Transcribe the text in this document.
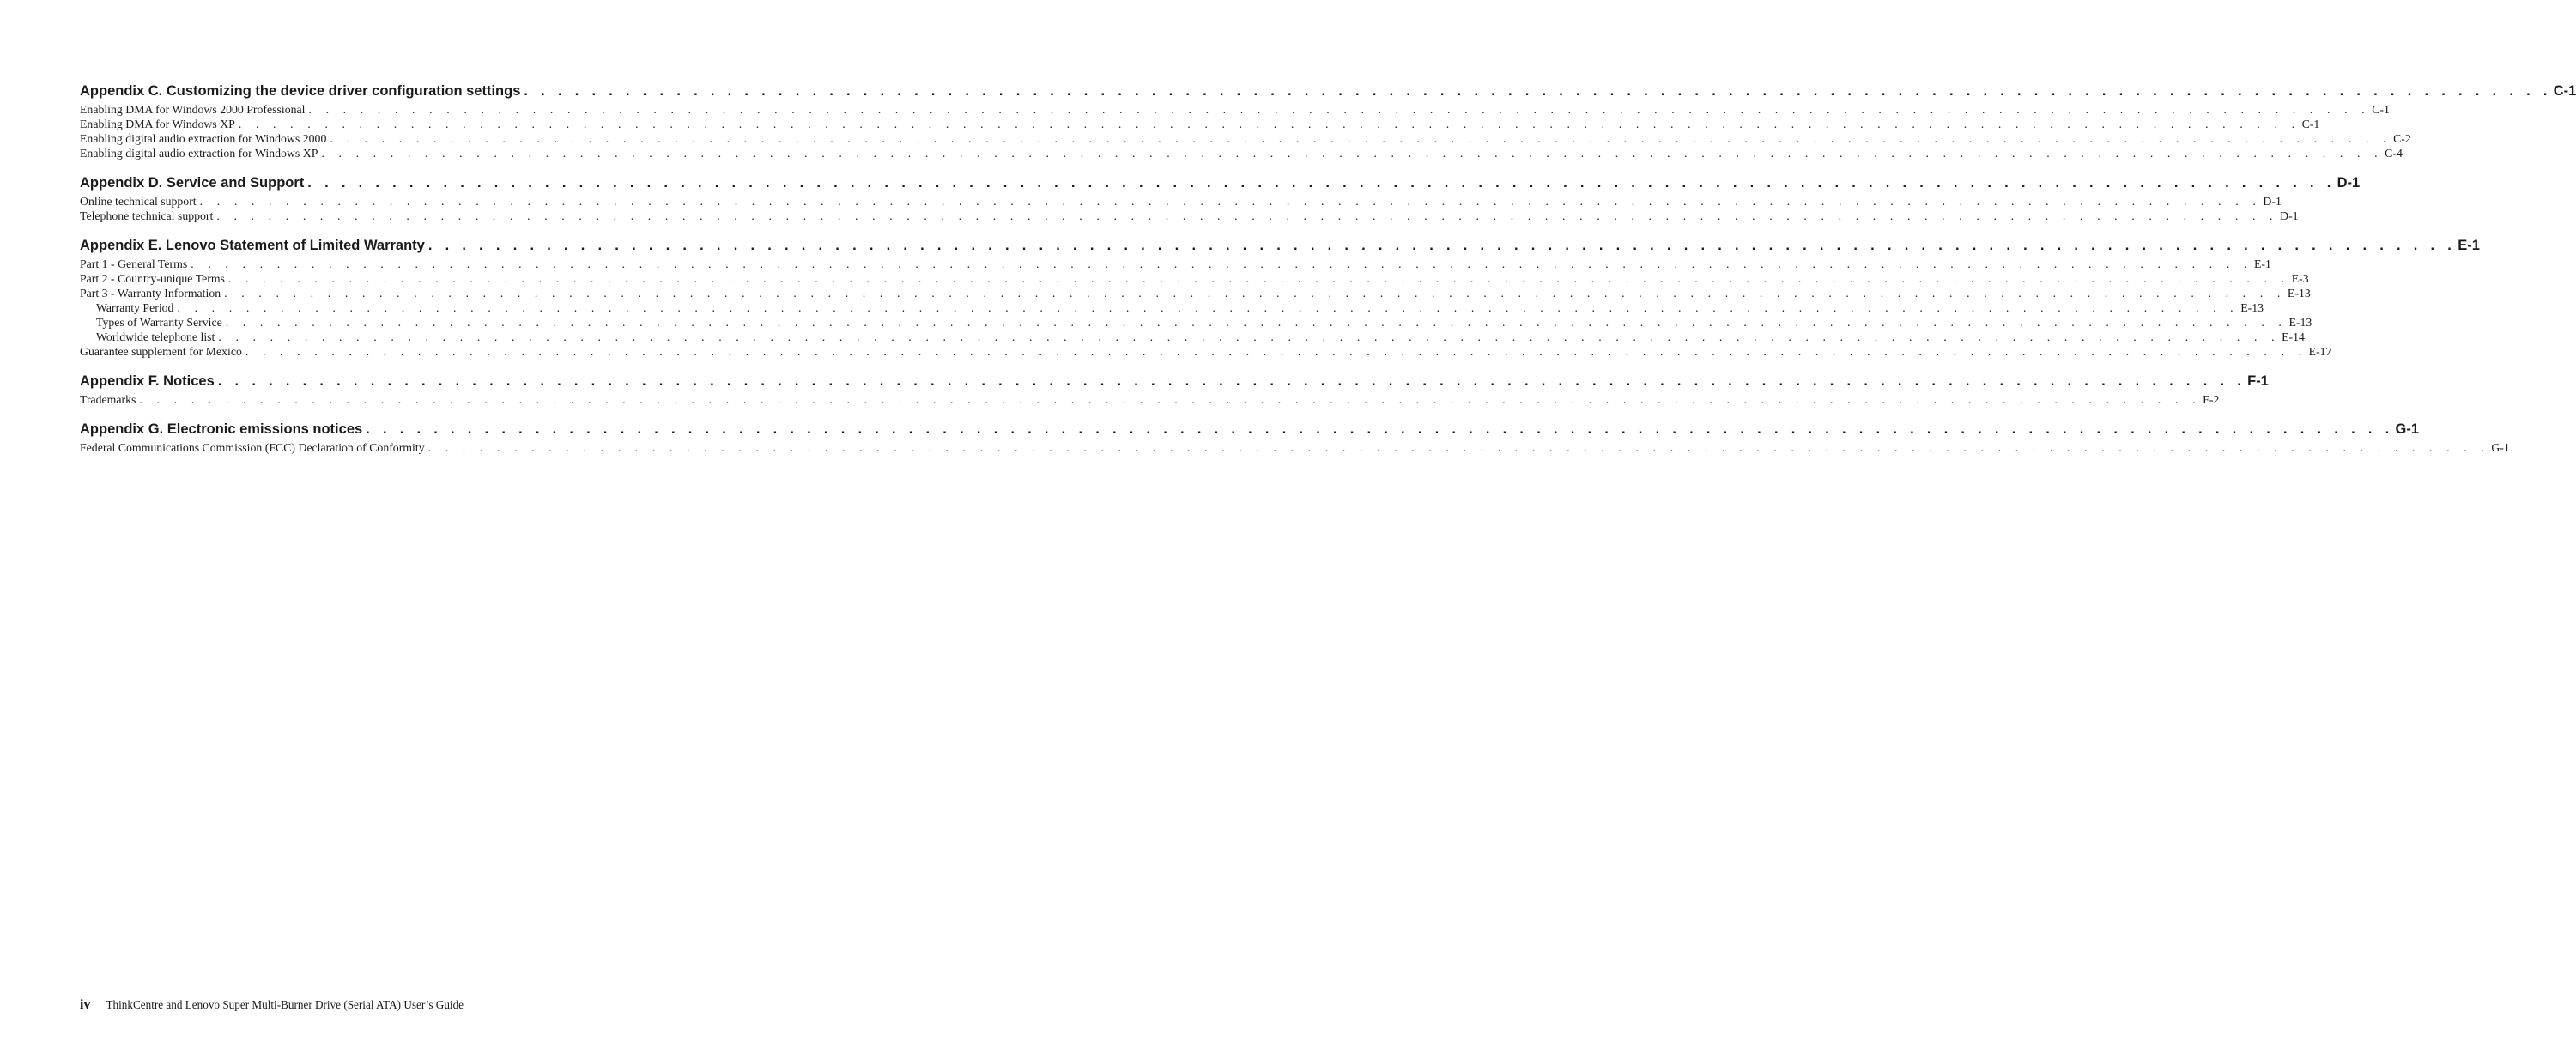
Appendix C. Customizing the device driver configuration settings . . . . . . . . . . . . . . . . . . . . . . . . . . . . . . . . . . . . . . . . . . . . . . . . . . . . . . . . . . . . . . . . . . . . . . . . . . . . . . . . . . . . . . . . . . . . . . . . . . . . . . . . . . . . . . . . . . . . . . . . C-1
Enabling DMA for Windows 2000 Professional . . . . . . . . . . . . . . . . . . . . . . . . . . . . . . . . . . . . . . . . . . . . . . . . . . . . . . . . . . . . . . . . . . . . . . . . . . . . . . . . . . . . . . . . . . . . . . . . . . . . . . . . . . . . . . . . . . . . . . . . C-1
Enabling DMA for Windows XP . . . . . . . . . . . . . . . . . . . . . . . . . . . . . . . . . . . . . . . . . . . . . . . . . . . . . . . . . . . . . . . . . . . . . . . . . . . . . . . . . . . . . . . . . . . . . . . . . . . . . . . . . . . . . . . . . . . . . . . . C-1
Enabling digital audio extraction for Windows 2000 . . . . . . . . . . . . . . . . . . . . . . . . . . . . . . . . . . . . . . . . . . . . . . . . . . . . . . . . . . . . . . . . . . . . . . . . . . . . . . . . . . . . . . . . . . . . . . . . . . . . . . . . . . . . . . . . . . . . . . . . C-2
Enabling digital audio extraction for Windows XP . . . . . . . . . . . . . . . . . . . . . . . . . . . . . . . . . . . . . . . . . . . . . . . . . . . . . . . . . . . . . . . . . . . . . . . . . . . . . . . . . . . . . . . . . . . . . . . . . . . . . . . . . . . . . . . . . . . . . . . . C-4
Appendix D. Service and Support . . . . . . . . . . . . . . . . . . . . . . . . . . . . . . . . . . . . . . . . . . . . . . . . . . . . . . . . . . . . . . . . . . . . . . . . . . . . . . . . . . . . . . . . . . . . . . . . . . . . . . . . . . . . . . . . . . . . . . . . D-1
Online technical support . . . . . . . . . . . . . . . . . . . . . . . . . . . . . . . . . . . . . . . . . . . . . . . . . . . . . . . . . . . . . . . . . . . . . . . . . . . . . . . . . . . . . . . . . . . . . . . . . . . . . . . . . . . . . . . . . . . . . . . . D-1
Telephone technical support . . . . . . . . . . . . . . . . . . . . . . . . . . . . . . . . . . . . . . . . . . . . . . . . . . . . . . . . . . . . . . . . . . . . . . . . . . . . . . . . . . . . . . . . . . . . . . . . . . . . . . . . . . . . . . . . . . . . . . . . D-1
Appendix E. Lenovo Statement of Limited Warranty . . . . . . . . . . . . . . . . . . . . . . . . . . . . . . . . . . . . . . . . . . . . . . . . . . . . . . . . . . . . . . . . . . . . . . . . . . . . . . . . . . . . . . . . . . . . . . . . . . . . . . . . . . . . . . . . . . . . . . . . E-1
Part 1 - General Terms . . . . . . . . . . . . . . . . . . . . . . . . . . . . . . . . . . . . . . . . . . . . . . . . . . . . . . . . . . . . . . . . . . . . . . . . . . . . . . . . . . . . . . . . . . . . . . . . . . . . . . . . . . . . . . . . . . . . . . . . E-1
Part 2 - Country-unique Terms . . . . . . . . . . . . . . . . . . . . . . . . . . . . . . . . . . . . . . . . . . . . . . . . . . . . . . . . . . . . . . . . . . . . . . . . . . . . . . . . . . . . . . . . . . . . . . . . . . . . . . . . . . . . . . . . . . . . . . . . E-3
Part 3 - Warranty Information . . . . . . . . . . . . . . . . . . . . . . . . . . . . . . . . . . . . . . . . . . . . . . . . . . . . . . . . . . . . . . . . . . . . . . . . . . . . . . . . . . . . . . . . . . . . . . . . . . . . . . . . . . . . . . . . . . . . . . . . E-13
Warranty Period . . . . . . . . . . . . . . . . . . . . . . . . . . . . . . . . . . . . . . . . . . . . . . . . . . . . . . . . . . . . . . . . . . . . . . . . . . . . . . . . . . . . . . . . . . . . . . . . . . . . . . . . . . . . . . . . . . . . . . . . E-13
Types of Warranty Service . . . . . . . . . . . . . . . . . . . . . . . . . . . . . . . . . . . . . . . . . . . . . . . . . . . . . . . . . . . . . . . . . . . . . . . . . . . . . . . . . . . . . . . . . . . . . . . . . . . . . . . . . . . . . . . . . . . . . . . . E-13
Worldwide telephone list . . . . . . . . . . . . . . . . . . . . . . . . . . . . . . . . . . . . . . . . . . . . . . . . . . . . . . . . . . . . . . . . . . . . . . . . . . . . . . . . . . . . . . . . . . . . . . . . . . . . . . . . . . . . . . . . . . . . . . . . E-14
Guarantee supplement for Mexico . . . . . . . . . . . . . . . . . . . . . . . . . . . . . . . . . . . . . . . . . . . . . . . . . . . . . . . . . . . . . . . . . . . . . . . . . . . . . . . . . . . . . . . . . . . . . . . . . . . . . . . . . . . . . . . . . . . . . . . . E-17
Appendix F. Notices . . . . . . . . . . . . . . . . . . . . . . . . . . . . . . . . . . . . . . . . . . . . . . . . . . . . . . . . . . . . . . . . . . . . . . . . . . . . . . . . . . . . . . . . . . . . . . . . . . . . . . . . . . . . . . . . . . . . . . . . F-1
Trademarks . . . . . . . . . . . . . . . . . . . . . . . . . . . . . . . . . . . . . . . . . . . . . . . . . . . . . . . . . . . . . . . . . . . . . . . . . . . . . . . . . . . . . . . . . . . . . . . . . . . . . . . . . . . . . . . . . . . . . . . . F-2
Appendix G. Electronic emissions notices . . . . . . . . . . . . . . . . . . . . . . . . . . . . . . . . . . . . . . . . . . . . . . . . . . . . . . . . . . . . . . . . . . . . . . . . . . . . . . . . . . . . . . . . . . . . . . . . . . . . . . . . . . . . . . . . . . . . . . . . G-1
Federal Communications Commission (FCC) Declaration of Conformity . . . . . . . . . . . . . . . . . . . . . . . . . . . . . . . . . . . . . . . . . . . . . . . . . . . . . . . . . . . . . . . . . . . . . . . . . . . . . . . . . . . . . . . . . . . . . . . . . . . . . . . . . . . . . . . . . . . . . . . . G-1
iv ThinkCentre and Lenovo Super Multi-Burner Drive (Serial ATA) User’s Guide
